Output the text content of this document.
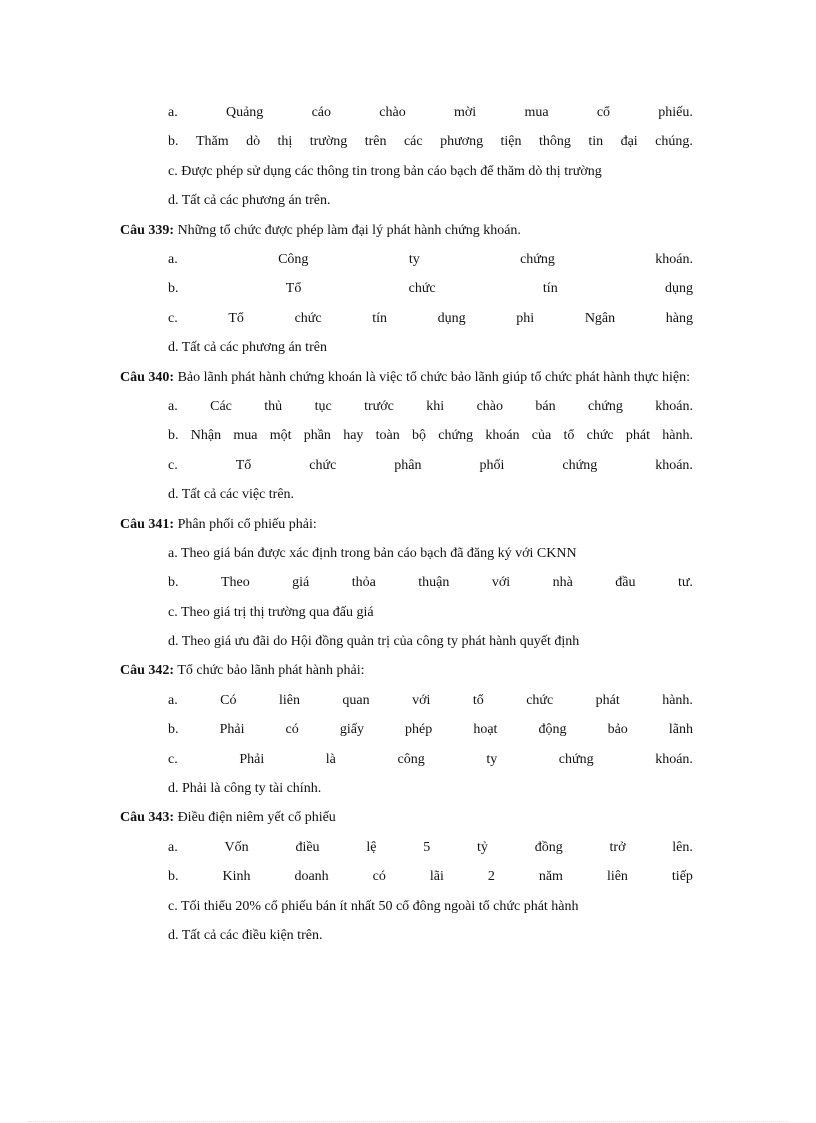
a.	Quảng	cáo	chào	mời	mua	cổ	phiếu.
b. Thăm dò thị trường trên các phương tiện thông tin đại chúng.
c. Được phép sử dụng các thông tin trong bản cáo bạch để thăm dò thị trường
d. Tất cả các phương án trên.
Câu 339: Những tổ chức được phép làm đại lý phát hành chứng khoán.
a.	Công	ty	chứng	khoán.
b.	Tổ	chức	tín	dụng
c.	Tổ	chức	tín	dụng	phi	Ngân	hàng
d. Tất cả các phương án trên
Câu 340: Bảo lãnh phát hành chứng khoán là việc tổ chức bảo lãnh giúp tổ chức phát hành thực hiện:
a. Các thủ tục trước khi chào bán chứng khoán.
b. Nhận mua một phần hay toàn bộ chứng khoán của tổ chức phát hành.
c.	Tổ	chức	phân	phối	chứng	khoán.
d. Tất cả các việc trên.
Câu 341: Phân phối cổ phiếu phải:
a. Theo giá bán được xác định trong bản cáo bạch đã đăng ký với CKNN
b.	Theo	giá	thỏa	thuận	với	nhà	đầu	tư.
c. Theo giá trị thị trường qua đấu giá
d. Theo giá ưu đãi do Hội đồng quản trị của công ty phát hành quyết định
Câu 342: Tổ chức bảo lãnh phát hành phải:
a.	Có	liên	quan	với	tổ	chức	phát	hành.
b.	Phải	có	giấy	phép	hoạt	động	bảo	lãnh
c.	Phải	là	công	ty	chứng	khoán.
d. Phải là công ty tài chính.
Câu 343: Điều điện niêm yết cổ phiếu
a.	Vốn	điều	lệ	5	tỷ	đồng	trở	lên.
b.	Kinh	doanh	có	lãi	2	năm	liên	tiếp
c. Tối thiểu 20% cổ phiếu bán ít nhất 50 cổ đông ngoài tổ chức phát hành
d. Tất cả các điều kiện trên.
